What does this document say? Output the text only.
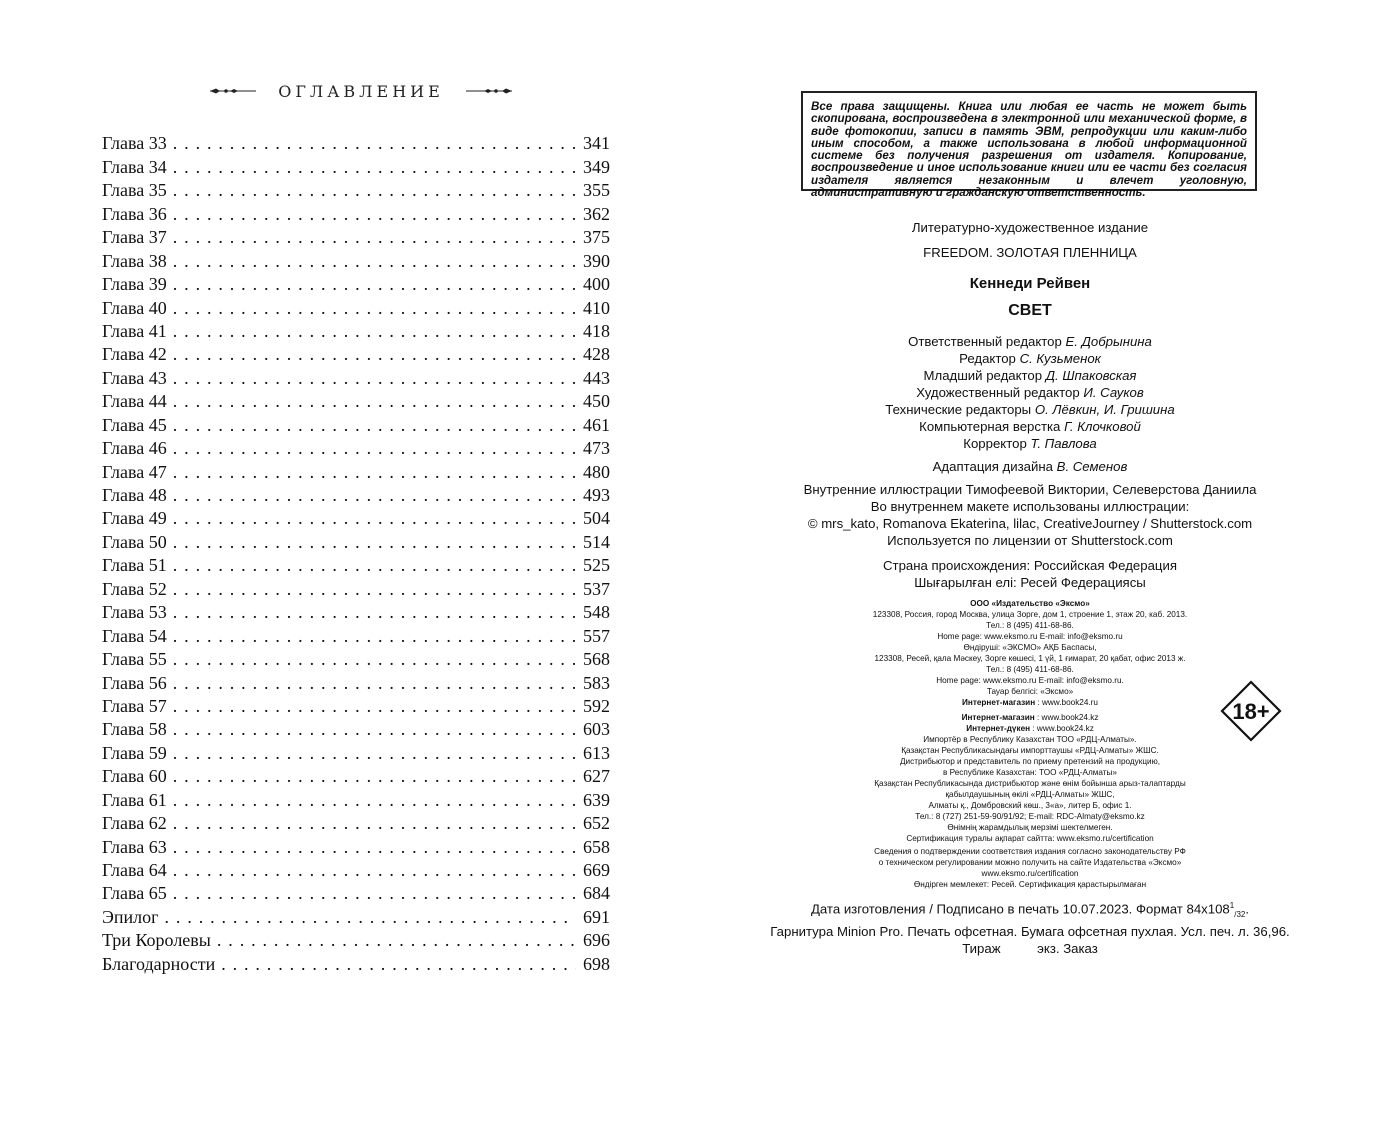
ОГЛАВЛЕНИЕ
Глава 33 . . .	341
Глава 34 . . .	349
Глава 35 . . .	355
Глава 36 . . .	362
Глава 37 . . .	375
Глава 38 . . .	390
Глава 39 . . .	400
Глава 40 . . .	410
Глава 41 . . .	418
Глава 42 . . .	428
Глава 43 . . .	443
Глава 44 . . .	450
Глава 45 . . .	461
Глава 46 . . .	473
Глава 47 . . .	480
Глава 48 . . .	493
Глава 49 . . .	504
Глава 50 . . .	514
Глава 51 . . .	525
Глава 52 . . .	537
Глава 53 . . .	548
Глава 54 . . .	557
Глава 55 . . .	568
Глава 56 . . .	583
Глава 57 . . .	592
Глава 58 . . .	603
Глава 59 . . .	613
Глава 60 . . .	627
Глава 61 . . .	639
Глава 62 . . .	652
Глава 63 . . .	658
Глава 64 . . .	669
Глава 65 . . .	684
Эпилог . . .	691
Три Королевы . . .	696
Благодарности . . .	698
Все права защищены. Книга или любая ее часть не может быть скопирована, воспроизведена в электронной или механической форме, в виде фотокопии, записи в память ЭВМ, репродукции или каким-либо иным способом, а также использована в любой информационной системе без получения разрешения от издателя. Копирование, воспроизведение и иное использование книги или ее части без согласия издателя является незаконным и влечет уголовную, административную и гражданскую ответственность.
Литературно-художественное издание
FREEDOM. ЗОЛОТАЯ ПЛЕННИЦА
Кеннеди Рейвен
СВЕТ
Ответственный редактор Е. Добрынина
Редактор С. Кузьменок
Младший редактор Д. Шпаковская
Художественный редактор И. Сауков
Технические редакторы О. Лёвкин, И. Гришина
Компьютерная верстка Г. Клочковой
Корректор Т. Павлова
Адаптация дизайна В. Семенов
Внутренние иллюстрации Тимофеевой Виктории, Селеверстова Даниила
Во внутреннем макете использованы иллюстрации:
© mrs_kato, Romanova Ekaterina, lilac, CreativeJourney / Shutterstock.com
Используется по лицензии от Shutterstock.com
Страна происхождения: Российская Федерация
Шығарылған елі: Ресей Федерациясы
ООО «Издательство «Эксмо»
123308, Россия, город Москва, улица Зорге, дом 1, строение 1, этаж 20, каб. 2013.
Тел.: 8 (495) 411-68-86.
Home page: www.eksmo.ru E-mail: info@eksmo.ru
Өндіруші: «ЭКСМО» АҚБ Баспасы,
123308, Ресей, қала Мәскеу, Зорге көшесі, 1 үй, 1 ғимарат, 20 қабат, офис 2013 ж.
Тел.: 8 (495) 411-68-86.
Home page: www.eksmo.ru E-mail: info@eksmo.ru.
Тауар белгісі: «Эксмо»
Интернет-магазин : www.book24.ru
Интернет-магазин : www.book24.kz
Интернет-дүкен : www.book24.kz
Импортёр в Республику Казахстан ТОО «РДЦ-Алматы».
Қазақстан Республикасындағы импорттаушы «РДЦ-Алматы» ЖШС.
Дистрибьютор и представитель по приему претензий на продукцию,
в Республике Казахстан: ТОО «РДЦ-Алматы»
Қазақстан Республикасында дистрибьютор және өнім бойынша арыз-талаптарды
қабылдаушының өкілі «РДЦ-Алматы» ЖШС,
Алматы қ., Домбровский көш., 3«а», литер Б, офис 1.
Тел.: 8 (727) 251-59-90/91/92; E-mail: RDC-Almaty@eksmo.kz
Өнімнің жарамдылық мерзімі шектелмеген.
Сертификация туралы ақпарат сайтта: www.eksmo.ru/certification
Сведения о подтверждении соответствия издания согласно законодательству РФ
о техническом регулировании можно получить на сайте Издательства «Эксмо»
www.eksmo.ru/certification
Өндірген мемлекет: Ресей. Сертификация қарастырылмаған
Дата изготовления / Подписано в печать 10.07.2023. Формат $84x108^1_{/32}$.
Гарнитура Minion Pro. Печать офсетная. Бумага офсетная пухлая. Усл. печ. л. 36,96.
Тираж          экз. Заказ
18+
